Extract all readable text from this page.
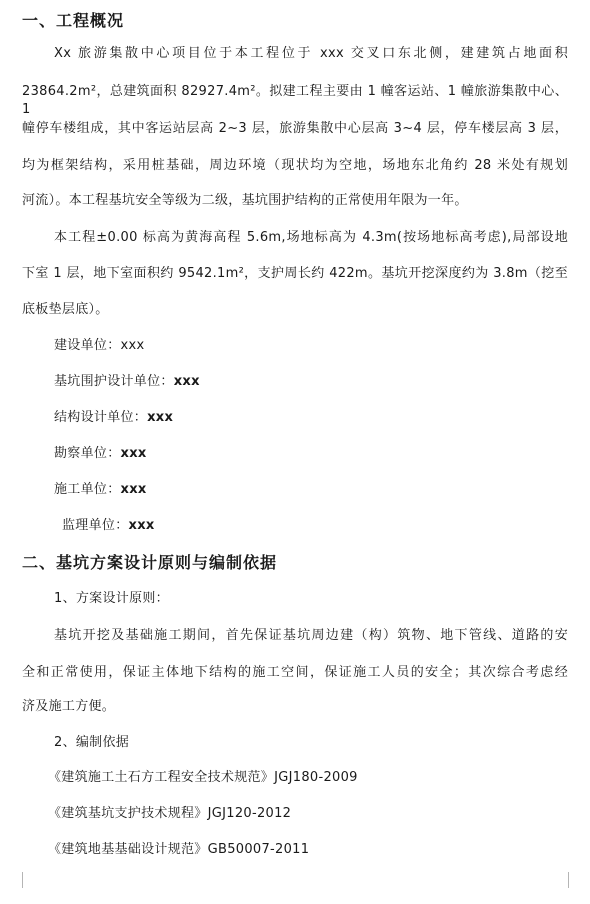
一、工程概况
Xx 旅游集散中心项目位于本工程位于 xxx 交叉口东北侧，建建筑占地面积
23864.2m²，总建筑面积 82927.4m²。拟建工程主要由 1 幢客运站、1 幢旅游集散中心、1
幢停车楼组成，其中客运站层高 2~3 层，旅游集散中心层高 3~4 层，停车楼层高 3 层，
均为框架结构，采用桩基础，周边环境（现状均为空地，场地东北角约 28 米处有规划
河流）。本工程基坑安全等级为二级，基坑围护结构的正常使用年限为一年。
本工程±0.00 标高为黄海高程 5.6m,场地标高为 4.3m(按场地标高考虑),局部设地
下室 1 层，地下室面积约 9542.1m²，支护周长约 422m。基坑开挖深度约为 3.8m（挖至
底板垫层底）。
建设单位：xxx
基坑围护设计单位：xxx
结构设计单位：xxx
勘察单位：xxx
施工单位：xxx
监理单位：xxx
二、基坑方案设计原则与编制依据
1、方案设计原则：
基坑开挖及基础施工期间，首先保证基坑周边建（构）筑物、地下管线、道路的安
全和正常使用，保证主体地下结构的施工空间，保证施工人员的安全；其次综合考虑经
济及施工方便。
2、编制依据
《建筑施工土石方工程安全技术规范》JGJ180-2009
《建筑基坑支护技术规程》JGJ120-2012
《建筑地基基础设计规范》GB50007-2011
